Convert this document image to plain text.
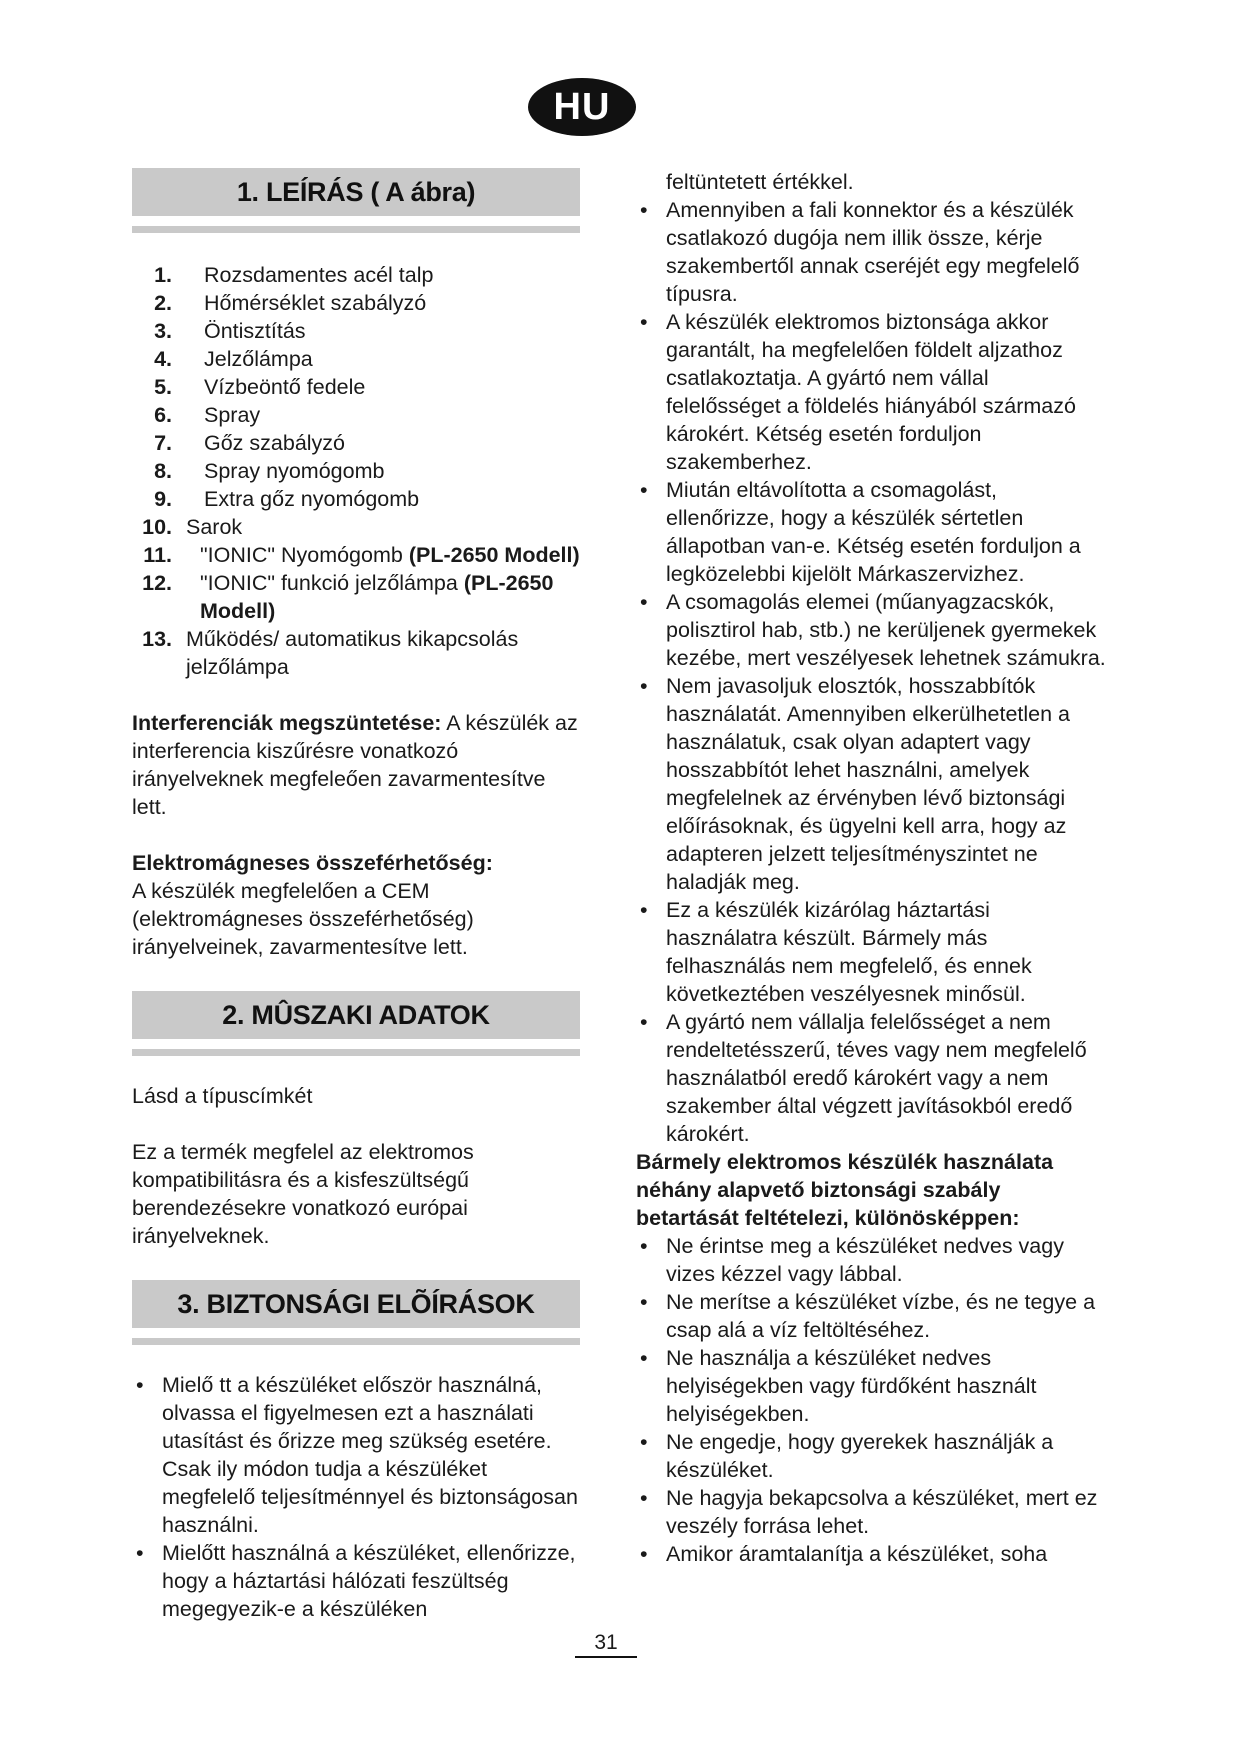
HU
1. LEÍRÁS ( A ábra)
1. Rozsdamentes acél talp
2. Hőmérséklet szabályzó
3. Öntisztítás
4. Jelzőlámpa
5. Vízbeöntő fedele
6. Spray
7. Gőz szabályzó
8. Spray nyomógomb
9. Extra gőz nyomógomb
10. Sarok
11. "IONIC" Nyomógomb (PL-2650 Modell)
12. "IONIC" funkció jelzőlámpa (PL-2650 Modell)
13. Működés/ automatikus kikapcsolás jelzőlámpa

Interferenciák megszüntetése: A készülék az interferencia kiszűrésre vonatkozó irányelveknek megfeleően zavarmentesítve lett.

Elektromágneses összeférhetőség:
A készülék megfelelően a CEM (elektromágneses összeférhetőség) irányelveinek, zavarmentesítve lett.

2. MÛSZAKI ADATOK

Lásd a típuscímkét

Ez a termék megfelel az elektromos kompatibilitásra és a kisfeszültségű berendezésekre vonatkozó európai irányelveknek.

3. BIZTONSÁGI ELÕÍRÁSOK
• Mielő tt a készüléket először használná, olvassa el figyelmesen ezt a használati utasítást és őrizze meg szükség esetére. Csak ily módon tudja a készüléket megfelelő teljesítménnyel és biztonságosan használni.
• Mielőtt használná a készüléket, ellenőrizze, hogy a háztartási hálózati feszültség megegyezik-e a készüléken

feltüntetett értékkel.

• Amennyiben a fali konnektor és a készülék csatlakozó dugója nem illik össze, kérje szakembertől annak cseréjét egy megfelelő típusra.
• A készülék elektromos biztonsága akkor garantált, ha megfelelően földelt aljzathoz csatlakoztatja. A gyártó nem vállal felelősséget a földelés hiányából származó károkért. Kétség esetén forduljon szakemberhez.
• Miután eltávolította a csomagolást, ellenőrizze, hogy a készülék sértetlen állapotban van-e. Kétség esetén forduljon a legközelebbi kijelölt Márkaszervizhez.
• A csomagolás elemei (műanyagzacskók, polisztirol hab, stb.) ne kerüljenek gyermekek kezébe, mert veszélyesek lehetnek számukra.
• Nem javasoljuk elosztók, hosszabbítók használatát. Amennyiben elkerülhetetlen a használatuk, csak olyan adaptert vagy hosszabbítót lehet használni, amelyek megfelelnek az érvényben lévő biztonsági előírásoknak, és ügyelni kell arra, hogy az adapteren jelzett teljesítményszintet ne haladják meg.
• Ez a készülék kizárólag háztartási használatra készült. Bármely más felhasználás nem megfelelő, és ennek következtében veszélyesnek minősül.
• A gyártó nem vállalja felelősséget a nem rendeltetésszerű, téves vagy nem megfelelő használatból eredő károkért vagy a nem szakember által végzett javításokból eredő károkért.

Bármely elektromos készülék használata néhány alapvető biztonsági szabály betartását feltételezi, különösképpen:

• Ne érintse meg a készüléket nedves vagy vizes kézzel vagy lábbal.
• Ne merítse a készüléket vízbe, és ne tegye a csap alá a víz feltöltéséhez.
• Ne használja a készüléket nedves helyiségekben vagy fürdőként használt helyiségekben.
• Ne engedje, hogy gyerekek használják a készüléket.
• Ne hagyja bekapcsolva a készüléket, mert ez veszély forrása lehet.
• Amikor áramtalanítja a készüléket, soha
31
